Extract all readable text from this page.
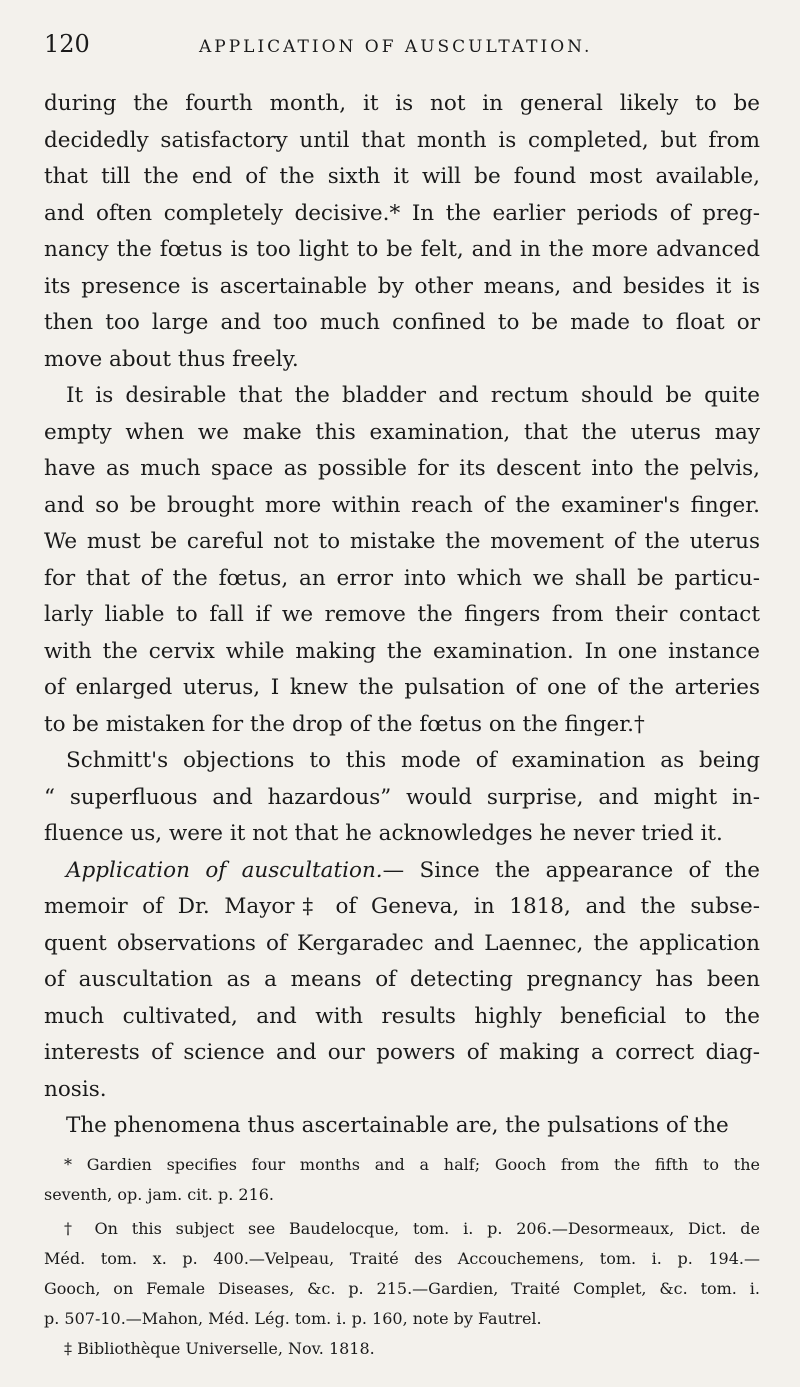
120	APPLICATION OF AUSCULTATION.
during the fourth month, it is not in general likely to be
decidedly satisfactory until that month is completed, but from
that till the end of the sixth it will be found most available,
and often completely decisive.* In the earlier periods of preg-
nancy the fœtus is too light to be felt, and in the more advanced
its presence is ascertainable by other means, and besides it is
then too large and too much confined to be made to float or
move about thus freely.
It is desirable that the bladder and rectum should be quite
empty when we make this examination, that the uterus may
have as much space as possible for its descent into the pelvis,
and so be brought more within reach of the examiner's finger.
We must be careful not to mistake the movement of the uterus
for that of the fœtus, an error into which we shall be particu-
larly liable to fall if we remove the fingers from their contact
with the cervix while making the examination. In one instance
of enlarged uterus, I knew the pulsation of one of the arteries
to be mistaken for the drop of the fœtus on the finger.†
Schmitt's objections to this mode of examination as being
“ superfluous and hazardous” would surprise, and might in-
fluence us, were it not that he acknowledges he never tried it.
Application of auscultation.— Since the appearance of the
memoir of Dr. Mayor‡ of Geneva, in 1818, and the subse-
quent observations of Kergaradec and Laennec, the application
of auscultation as a means of detecting pregnancy has been
much cultivated, and with results highly beneficial to the
interests of science and our powers of making a correct diag-
nosis.
The phenomena thus ascertainable are, the pulsations of the
* Gardien specifies four months and a half; Gooch from the fifth to the
seventh, op. jam. cit. p. 216.
† On this subject see Baudelocque, tom. i. p. 206.—Desormeaux, Dict. de
Méd. tom. x. p. 400.—Velpeau, Traité des Accouchemens, tom. i. p. 194.—
Gooch, on Female Diseases, &c. p. 215.—Gardien, Traité Complet, &c. tom. i.
p. 507-10.—Mahon, Méd. Lég. tom. i. p. 160, note by Fautrel.
‡ Bibliothèque Universelle, Nov. 1818.
